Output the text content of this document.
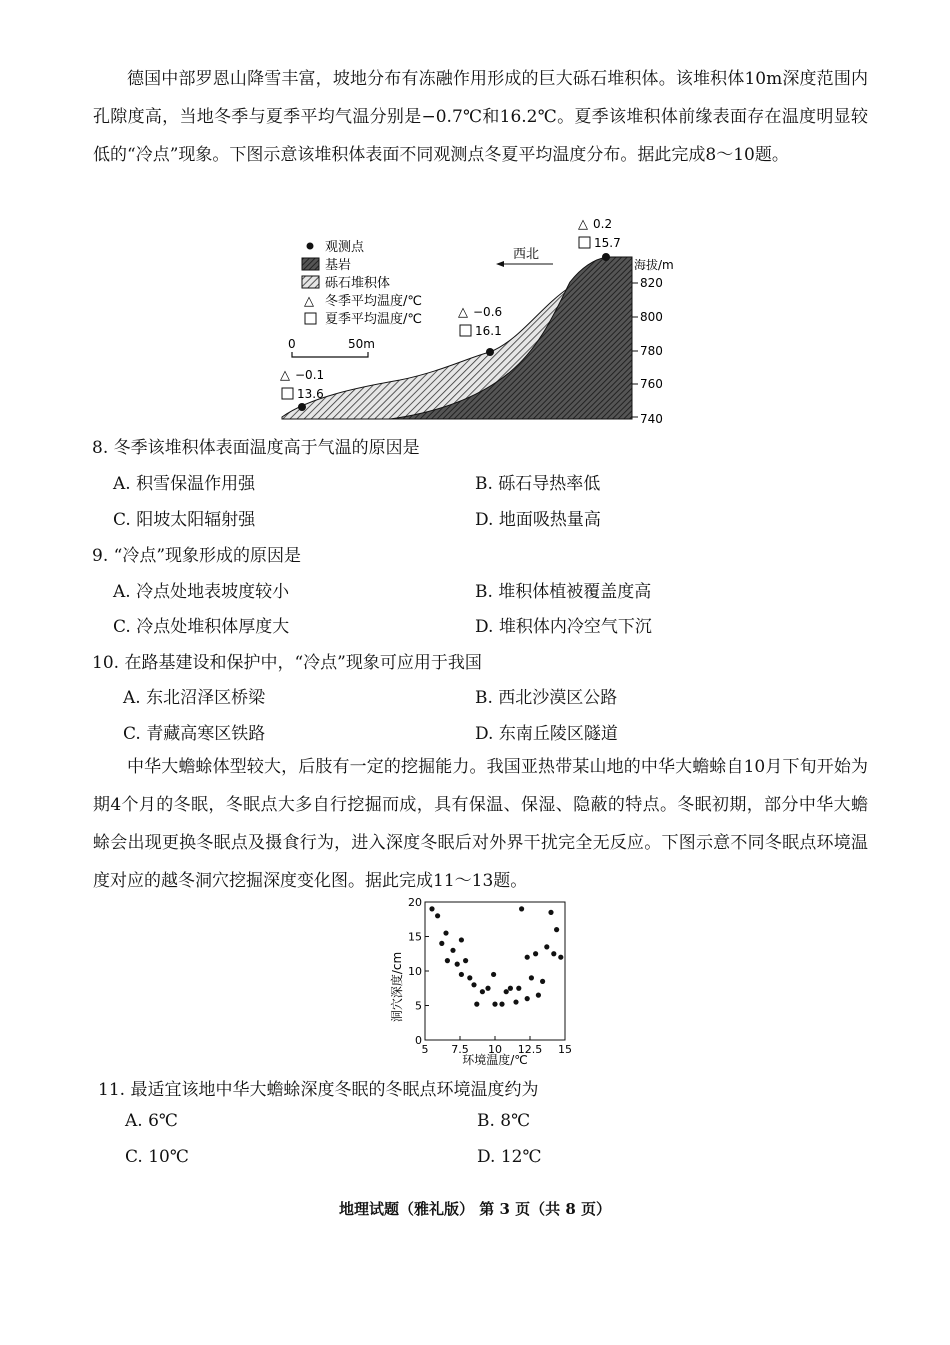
德国中部罗恩山降雪丰富，坡地分布有冻融作用形成的巨大砾石堆积体。该堆积体10m深度范围内孔隙度高，当地冬季与夏季平均气温分别是−0.7℃和16.2℃。夏季该堆积体前缘表面存在温度明显较低的“冷点”现象。下图示意该堆积体表面不同观测点冬夏平均温度分布。据此完成8～10题。

观测点
基岩
砾石堆积体
△ 冬季平均温度/℃
夏季平均温度/℃
西北
0	50m
海拔/m
820
800
780
760
740
△ −0.1
13.6
△ −0.6
16.1
△ 0.2
15.7
8. 冬季该堆积体表面温度高于气温的原因是
A. 积雪保温作用强	B. 砾石导热率低
C. 阳坡太阳辐射强	D. 地面吸热量高
9. “冷点”现象形成的原因是
A. 冷点处地表坡度较小	B. 堆积体植被覆盖度高
C. 冷点处堆积体厚度大	D. 堆积体内冷空气下沉
10. 在路基建设和保护中，“冷点”现象可应用于我国
A. 东北沼泽区桥梁	B. 西北沙漠区公路
C. 青藏高寒区铁路	D. 东南丘陵区隧道

中华大蟾蜍体型较大，后肢有一定的挖掘能力。我国亚热带某山地的中华大蟾蜍自10月下旬开始为期4个月的冬眠，冬眠点大多自行挖掘而成，具有保温、保湿、隐蔽的特点。冬眠初期，部分中华大蟾蜍会出现更换冬眠点及摄食行为，进入深度冬眠后对外界干扰完全无反应。下图示意不同冬眠点环境温度对应的越冬洞穴挖掘深度变化图。据此完成11～13题。

洞穴深度/cm
环境温度/℃
5 7.5 10 12.5 15
0
5
10
15
20
11. 最适宜该地中华大蟾蜍深度冬眠的冬眠点环境温度约为
A. 6℃	B. 8℃
C. 10℃	D. 12℃
地理试题（雅礼版） 第 3 页（共 8 页）
